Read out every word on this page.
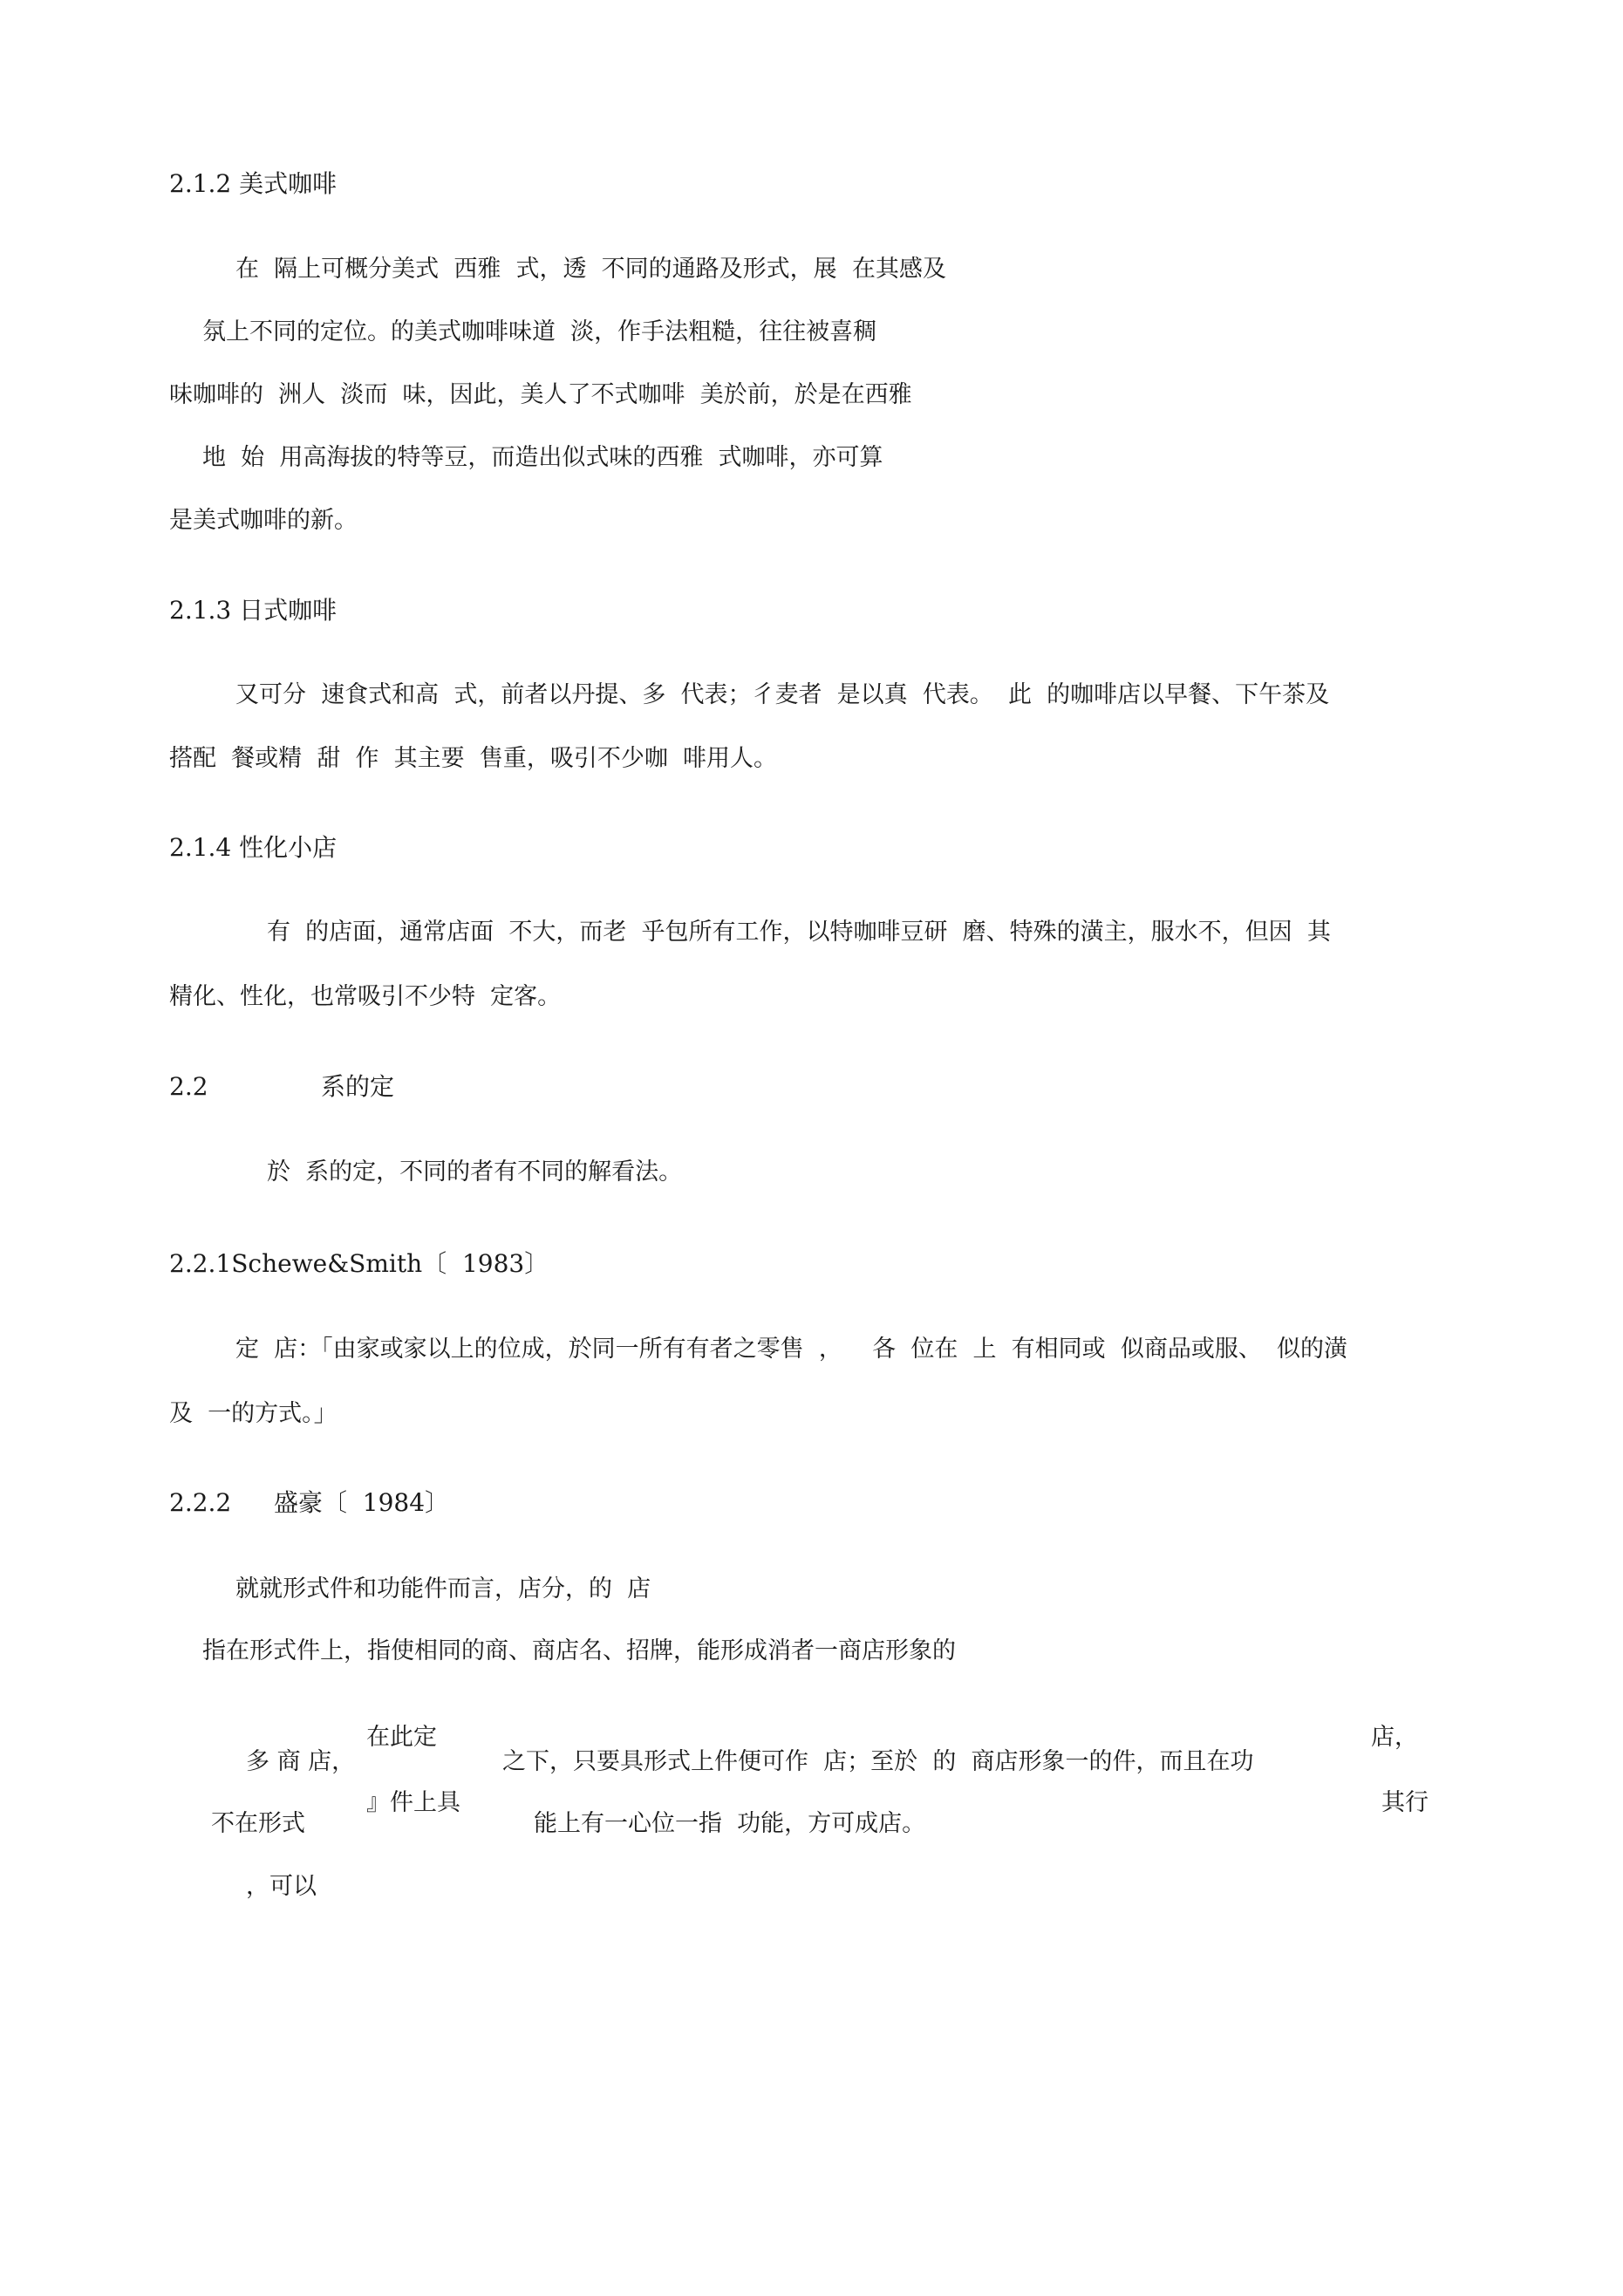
2.1.2 美式咖啡
在  隔上可概分美式  西雅  式，透  不同的通路及形式，展  在其感及
氛上不同的定位。的美式咖啡味道  淡，作手法粗糙，往往被喜稠
味咖啡的  洲人  淡而  味，因此，美人了不式咖啡  美於前，於是在西雅
地  始  用高海拔的特等豆，而造出似式味的西雅  式咖啡，亦可算
是美式咖啡的新。
2.1.3 日式咖啡
又可分  速食式和高  式，前者以丹提、多  代表；彳麦者  是以真  代表。  此  的咖啡店以早餐、下午茶及
搭配  餐或精  甜  作  其主要  售重，吸引不少咖  啡用人。
2.1.4 性化小店
有  的店面，通常店面  不大，而老  乎包所有工作，以特咖啡豆研  磨、特殊的潢主，服水不，但因  其
精化、性化，也常吸引不少特  定客。
2.2	系的定
於  系的定，不同的者有不同的解看法。
2.2.1Schewe&Smith〔  1983〕
定  店：「由家或家以上的位成，於同一所有有者之零售  ，    各  位在  上  有相同或  似商品或服、  似的潢
及  一的方式。」
2.2.2 盛豪〔  1984〕
就就形式件和功能件而言，店分，的  店
指在形式件上，指使相同的商、商店名、招牌，能形成消者一商店形象的
多 商 店，
在此定
之下，只要具形式上件便可作  店；至於  的  商店形象一的件，而且在功
店，
不在形式
』件上具
能上有一心位一指  功能，方可成店。
其行
，可以
